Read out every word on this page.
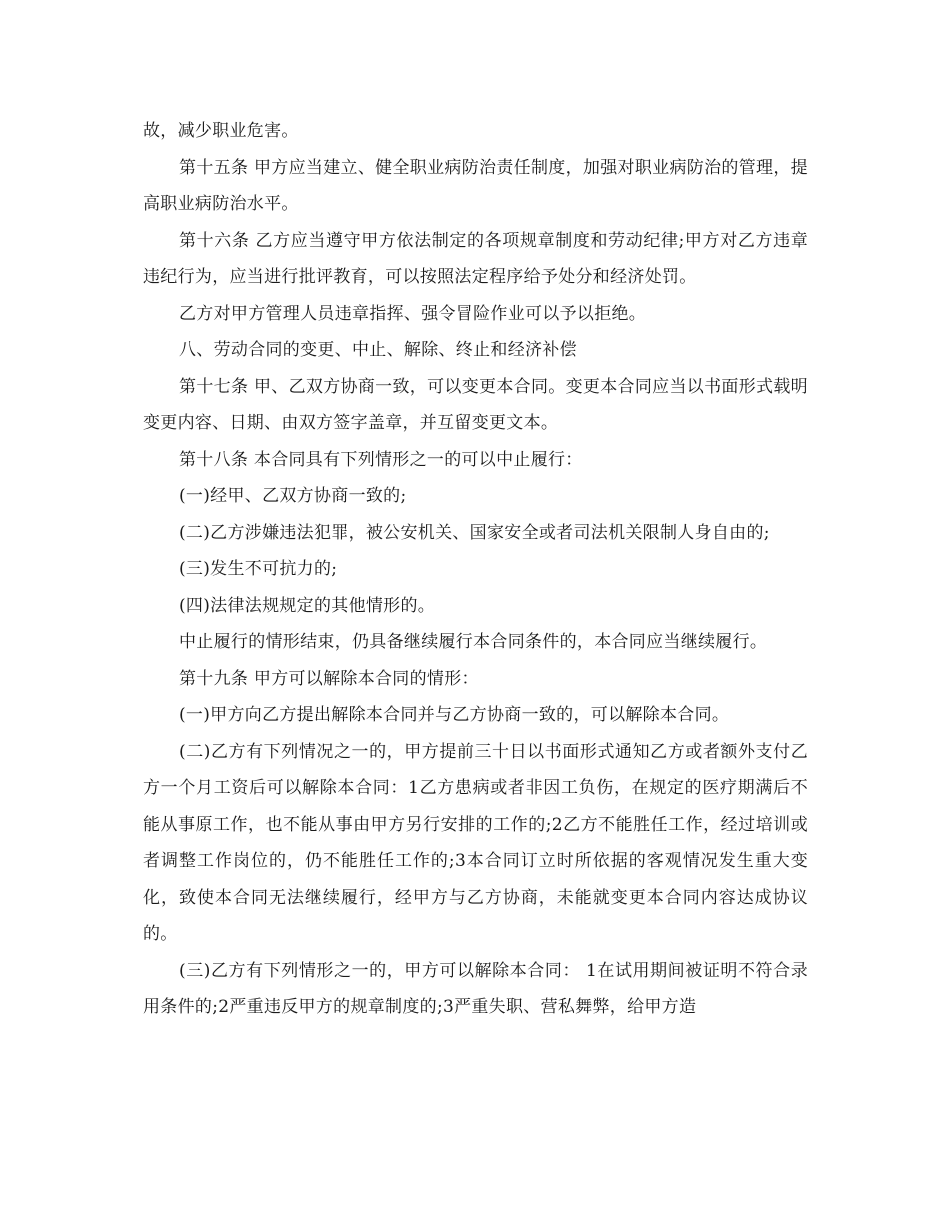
故，减少职业危害。

第十五条 甲方应当建立、健全职业病防治责任制度，加强对职业病防治的管理，提高职业病防治水平。

第十六条 乙方应当遵守甲方依法制定的各项规章制度和劳动纪律;甲方对乙方违章违纪行为，应当进行批评教育，可以按照法定程序给予处分和经济处罚。

乙方对甲方管理人员违章指挥、强令冒险作业可以予以拒绝。

八、劳动合同的变更、中止、解除、终止和经济补偿

第十七条 甲、乙双方协商一致，可以变更本合同。变更本合同应当以书面形式载明变更内容、日期、由双方签字盖章，并互留变更文本。

第十八条 本合同具有下列情形之一的可以中止履行：

(一)经甲、乙双方协商一致的;

(二)乙方涉嫌违法犯罪，被公安机关、国家安全或者司法机关限制人身自由的;

(三)发生不可抗力的;

(四)法律法规规定的其他情形的。

中止履行的情形结束，仍具备继续履行本合同条件的，本合同应当继续履行。

第十九条 甲方可以解除本合同的情形：

(一)甲方向乙方提出解除本合同并与乙方协商一致的，可以解除本合同。

(二)乙方有下列情况之一的，甲方提前三十日以书面形式通知乙方或者额外支付乙方一个月工资后可以解除本合同：1乙方患病或者非因工负伤，在规定的医疗期满后不能从事原工作，也不能从事由甲方另行安排的工作的;2乙方不能胜任工作，经过培训或者调整工作岗位的，仍不能胜任工作的;3本合同订立时所依据的客观情况发生重大变化，致使本合同无法继续履行，经甲方与乙方协商，未能就变更本合同内容达成协议的。

(三)乙方有下列情形之一的，甲方可以解除本合同： 1在试用期间被证明不符合录用条件的;2严重违反甲方的规章制度的;3严重失职、营私舞弊，给甲方造
